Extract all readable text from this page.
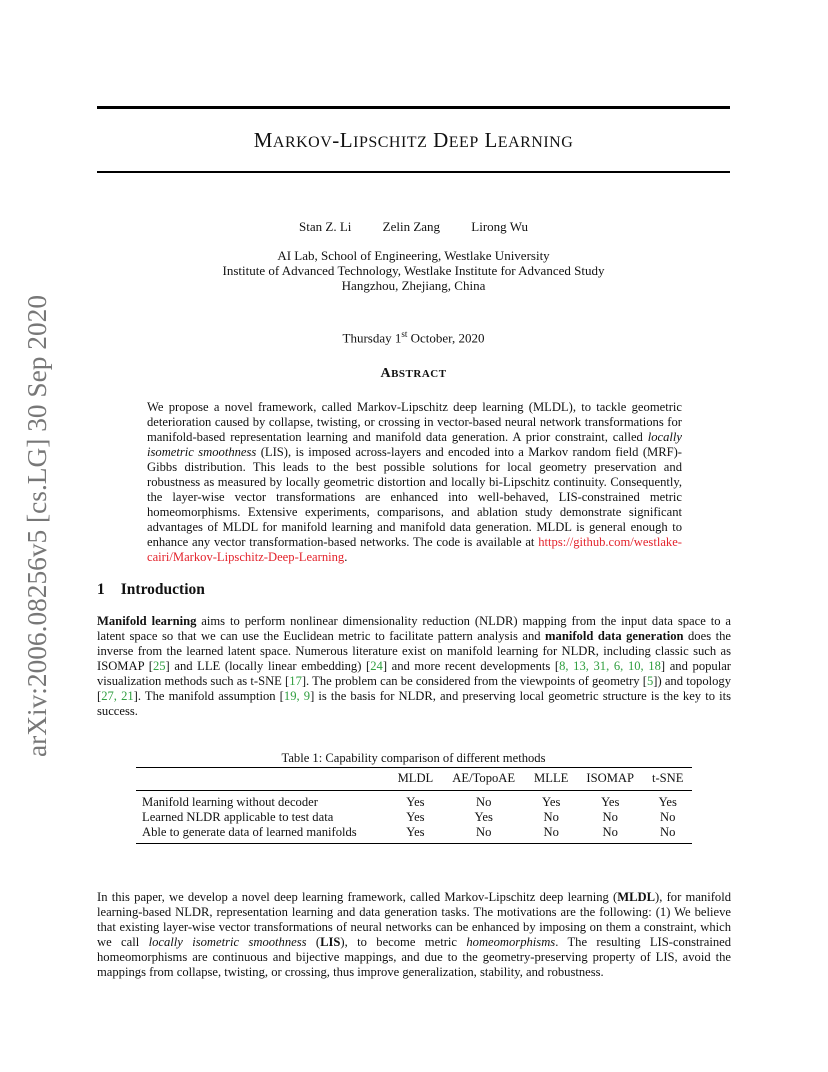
MARKOV-LIPSCHITZ DEEP LEARNING
Stan Z. Li Zelin Zang Lirong Wu
AI Lab, School of Engineering, Westlake University
Institute of Advanced Technology, Westlake Institute for Advanced Study
Hangzhou, Zhejiang, China
Thursday 1st October, 2020
ABSTRACT
We propose a novel framework, called Markov-Lipschitz deep learning (MLDL), to tackle geometric deterioration caused by collapse, twisting, or crossing in vector-based neural network transformations for manifold-based representation learning and manifold data generation. A prior constraint, called locally isometric smoothness (LIS), is imposed across-layers and encoded into a Markov random field (MRF)-Gibbs distribution. This leads to the best possible solutions for local geometry preservation and robustness as measured by locally geometric distortion and locally bi-Lipschitz continuity. Consequently, the layer-wise vector transformations are enhanced into well-behaved, LIS-constrained metric homeomorphisms. Extensive experiments, comparisons, and ablation study demonstrate significant advantages of MLDL for manifold learning and manifold data generation. MLDL is general enough to enhance any vector transformation-based networks. The code is available at https://github.com/westlake-cairi/Markov-Lipschitz-Deep-Learning.
arXiv:2006.08256v5 [cs.LG] 30 Sep 2020	1 Introduction
Manifold learning aims to perform nonlinear dimensionality reduction (NLDR) mapping from the input data space to a latent space so that we can use the Euclidean metric to facilitate pattern analysis and manifold data generation does the inverse from the learned latent space. Numerous literature exist on manifold learning for NLDR, including classic such as ISOMAP [25] and LLE (locally linear embedding) [24] and more recent developments [8, 13, 31, 6, 10, 18] and popular visualization methods such as t-SNE [17]. The problem can be considered from the viewpoints of geometry [5]) and topology [27, 21]. The manifold assumption [19, 9] is the basis for NLDR, and preserving local geometric structure is the key to its success.
Table 1: Capability comparison of different methods
	MLDL	AE/TopoAE	MLLE	ISOMAP	t-SNE
Manifold learning without decoder	Yes	No	Yes	Yes	Yes
Learned NLDR applicable to test data	Yes	Yes	No	No	No
Able to generate data of learned manifolds	Yes	No	No	No	No
In this paper, we develop a novel deep learning framework, called Markov-Lipschitz deep learning (MLDL), for manifold learning-based NLDR, representation learning and data generation tasks. The motivations are the following: (1) We believe that existing layer-wise vector transformations of neural networks can be enhanced by imposing on them a constraint, which we call locally isometric smoothness (LIS), to become metric homeomorphisms. The resulting LIS-constrained homeomorphisms are continuous and bijective mappings, and due to the geometry-preserving property of LIS, avoid the mappings from collapse, twisting, or crossing, thus improve generalization, stability, and robustness.
